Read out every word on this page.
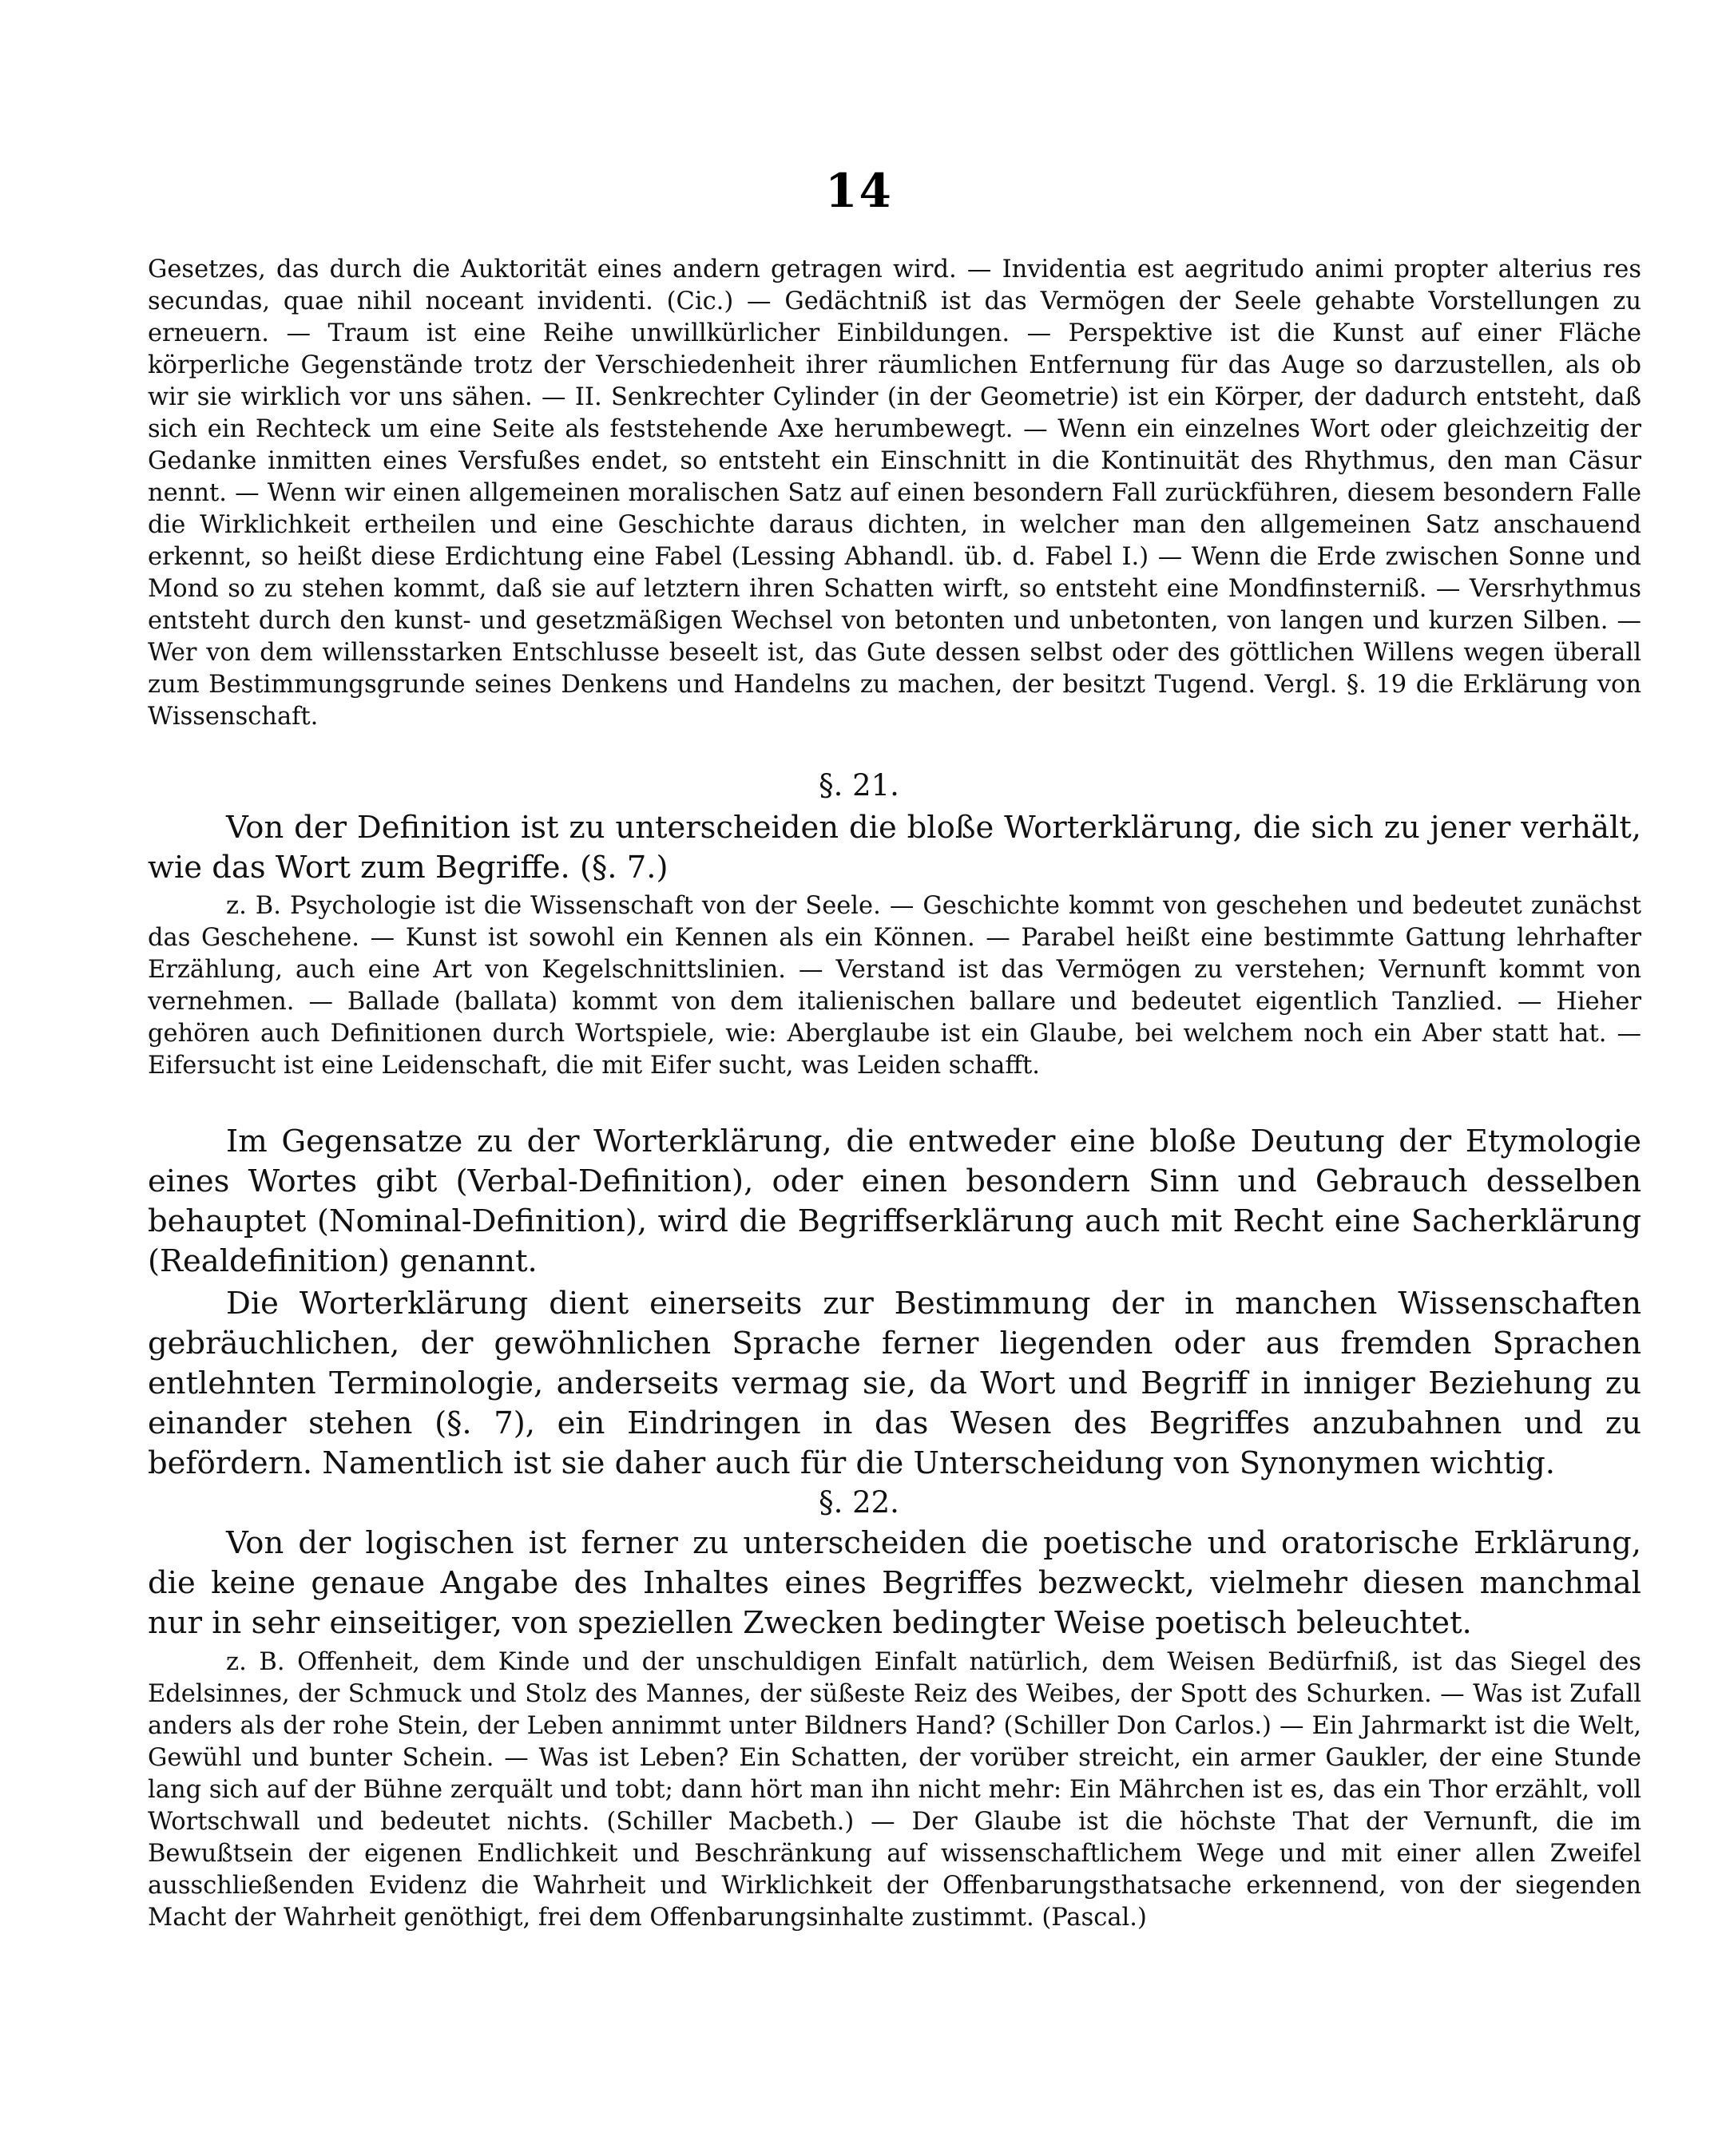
14

Gesetzes, das durch die Auktorität eines andern getragen wird. — Invidentia est aegritudo animi propter alterius res secundas, quae nihil noceant invidenti. (Cic.) — Gedächtniß ist das Vermögen der Seele gehabte Vorstellungen zu erneuern. — Traum ist eine Reihe unwillkürlicher Einbildungen. — Perspektive ist die Kunst auf einer Fläche körperliche Gegenstände trotz der Verschiedenheit ihrer räumlichen Entfernung für das Auge so darzustellen, als ob wir sie wirklich vor uns sähen. — II. Senkrechter Cylinder (in der Geometrie) ist ein Körper, der dadurch entsteht, daß sich ein Rechteck um eine Seite als feststehende Axe herumbewegt. — Wenn ein einzelnes Wort oder gleichzeitig der Gedanke inmitten eines Versfußes endet, so entsteht ein Einschnitt in die Kontinuität des Rhythmus, den man Cäsur nennt. — Wenn wir einen allgemeinen moralischen Satz auf einen besondern Fall zurückführen, diesem besondern Falle die Wirklichkeit ertheilen und eine Geschichte daraus dichten, in welcher man den allgemeinen Satz anschauend erkennt, so heißt diese Erdichtung eine Fabel (Lessing Abhandl. üb. d. Fabel I.) — Wenn die Erde zwischen Sonne und Mond so zu stehen kommt, daß sie auf letztern ihren Schatten wirft, so entsteht eine Mondfinsterniß. — Versrhythmus entsteht durch den kunst- und gesetzmäßigen Wechsel von betonten und unbetonten, von langen und kurzen Silben. — Wer von dem willensstarken Entschlusse beseelt ist, das Gute dessen selbst oder des göttlichen Willens wegen überall zum Bestimmungsgrunde seines Denkens und Handelns zu machen, der besitzt Tugend. Vergl. §. 19 die Erklärung von Wissenschaft.

§. 21.

Von der Definition ist zu unterscheiden die bloße Worterklärung, die sich zu jener verhält, wie das Wort zum Begriffe. (§. 7.)

z. B. Psychologie ist die Wissenschaft von der Seele. — Geschichte kommt von geschehen und bedeutet zunächst das Geschehene. — Kunst ist sowohl ein Kennen als ein Können. — Parabel heißt eine bestimmte Gattung lehrhafter Erzählung, auch eine Art von Kegelschnittslinien. — Verstand ist das Vermögen zu verstehen; Vernunft kommt von vernehmen. — Ballade (ballata) kommt von dem italienischen ballare und bedeutet eigentlich Tanzlied. — Hieher gehören auch Definitionen durch Wortspiele, wie: Aberglaube ist ein Glaube, bei welchem noch ein Aber statt hat. — Eifersucht ist eine Leidenschaft, die mit Eifer sucht, was Leiden schafft.

Im Gegensatze zu der Worterklärung, die entweder eine bloße Deutung der Etymologie eines Wortes gibt (Verbal-Definition), oder einen besondern Sinn und Gebrauch desselben behauptet (Nominal-Definition), wird die Begriffserklärung auch mit Recht eine Sacherklärung (Realdefinition) genannt.

Die Worterklärung dient einerseits zur Bestimmung der in manchen Wissenschaften gebräuchlichen, der gewöhnlichen Sprache ferner liegenden oder aus fremden Sprachen entlehnten Terminologie, anderseits vermag sie, da Wort und Begriff in inniger Beziehung zu einander stehen (§. 7), ein Eindringen in das Wesen des Begriffes anzubahnen und zu befördern. Namentlich ist sie daher auch für die Unterscheidung von Synonymen wichtig.

§. 22.

Von der logischen ist ferner zu unterscheiden die poetische und oratorische Erklärung, die keine genaue Angabe des Inhaltes eines Begriffes bezweckt, vielmehr diesen manchmal nur in sehr einseitiger, von speziellen Zwecken bedingter Weise poetisch beleuchtet.

z. B. Offenheit, dem Kinde und der unschuldigen Einfalt natürlich, dem Weisen Bedürfniß, ist das Siegel des Edelsinnes, der Schmuck und Stolz des Mannes, der süßeste Reiz des Weibes, der Spott des Schurken. — Was ist Zufall anders als der rohe Stein, der Leben annimmt unter Bildners Hand? (Schiller Don Carlos.) — Ein Jahrmarkt ist die Welt, Gewühl und bunter Schein. — Was ist Leben? Ein Schatten, der vorüber streicht, ein armer Gaukler, der eine Stunde lang sich auf der Bühne zerquält und tobt; dann hört man ihn nicht mehr: Ein Mährchen ist es, das ein Thor erzählt, voll Wortschwall und bedeutet nichts. (Schiller Macbeth.) — Der Glaube ist die höchste That der Vernunft, die im Bewußtsein der eigenen Endlichkeit und Beschränkung auf wissenschaftlichem Wege und mit einer allen Zweifel ausschließenden Evidenz die Wahrheit und Wirklichkeit der Offenbarungsthatsache erkennend, von der siegenden Macht der Wahrheit genöthigt, frei dem Offenbarungsinhalte zustimmt. (Pascal.)
